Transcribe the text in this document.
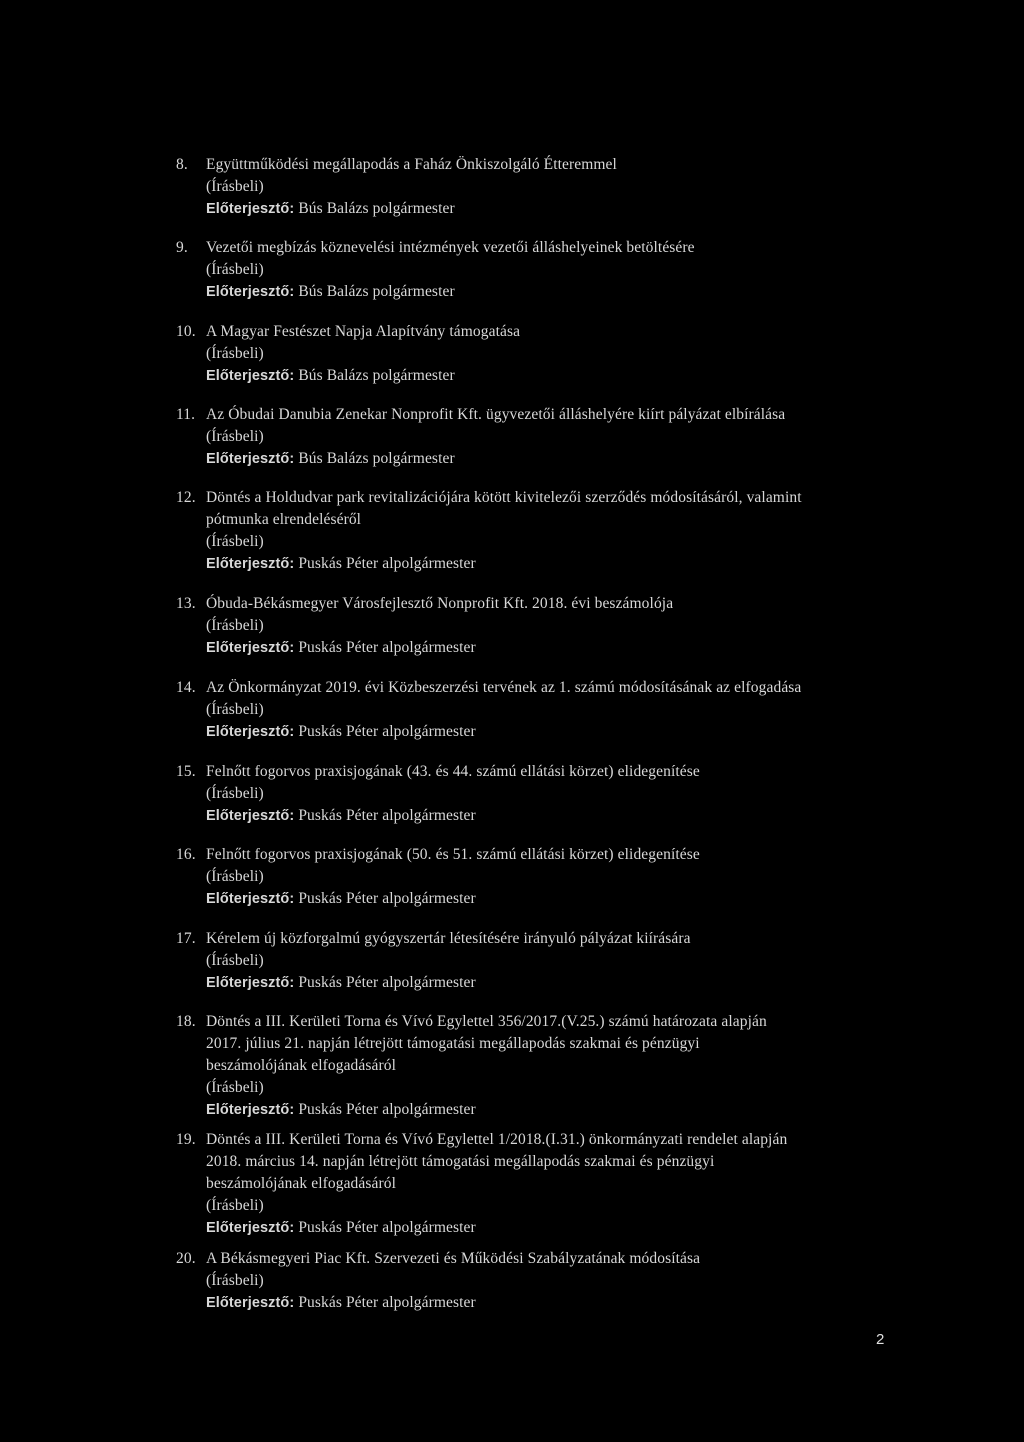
8. Együttműködési megállapodás a Faház Önkiszolgáló Étteremmel
(Írásbeli)
Előterjesztő: Bús Balázs polgármester
9. Vezetői megbízás köznevelési intézmények vezetői álláshelyeinek betöltésére
(Írásbeli)
Előterjesztő: Bús Balázs polgármester
10. A Magyar Festészet Napja Alapítvány támogatása
(Írásbeli)
Előterjesztő: Bús Balázs polgármester
11. Az Óbudai Danubia Zenekar Nonprofit Kft. ügyvezetői álláshelyére kiírt pályázat elbírálása
(Írásbeli)
Előterjesztő: Bús Balázs polgármester
12. Döntés a Holdudvar park revitalizációjára kötött kivitelezői szerződés módosításáról, valamint
pótmunka elrendeléséről
(Írásbeli)
Előterjesztő: Puskás Péter alpolgármester
13. Óbuda-Békásmegyer Városfejlesztő Nonprofit Kft. 2018. évi beszámolója
(Írásbeli)
Előterjesztő: Puskás Péter alpolgármester
14. Az Önkormányzat 2019. évi Közbeszerzési tervének az 1. számú módosításának az elfogadása
(Írásbeli)
Előterjesztő: Puskás Péter alpolgármester
15. Felnőtt fogorvos praxisjogának (43. és 44. számú ellátási körzet) elidegenítése
(Írásbeli)
Előterjesztő: Puskás Péter alpolgármester
16. Felnőtt fogorvos praxisjogának (50. és 51. számú ellátási körzet) elidegenítése
(Írásbeli)
Előterjesztő: Puskás Péter alpolgármester
17. Kérelem új közforgalmú gyógyszertár létesítésére irányuló pályázat kiírására
(Írásbeli)
Előterjesztő: Puskás Péter alpolgármester
18. Döntés a III. Kerületi Torna és Vívó Egylettel 356/2017.(V.25.) számú határozata alapján
2017. július 21. napján létrejött támogatási megállapodás szakmai és pénzügyi
beszámolójának elfogadásáról
(Írásbeli)
Előterjesztő: Puskás Péter alpolgármester
19. Döntés a III. Kerületi Torna és Vívó Egylettel 1/2018.(I.31.) önkormányzati rendelet alapján
2018. március 14. napján létrejött támogatási megállapodás szakmai és pénzügyi
beszámolójának elfogadásáról
(Írásbeli)
Előterjesztő: Puskás Péter alpolgármester
20. A Békásmegyeri Piac Kft. Szervezeti és Működési Szabályzatának módosítása
(Írásbeli)
Előterjesztő: Puskás Péter alpolgármester
2
